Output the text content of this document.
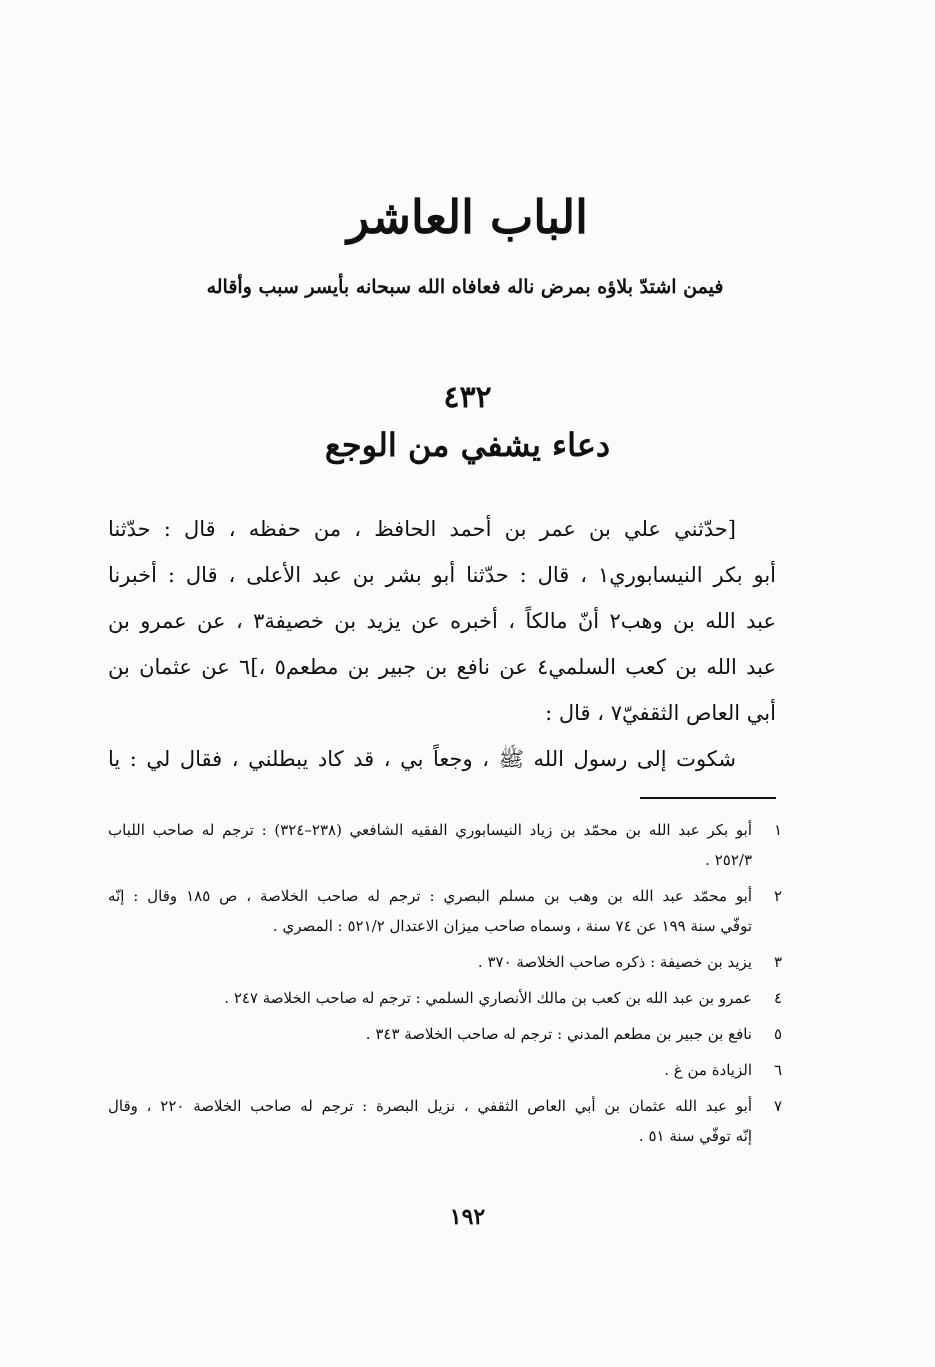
الباب العاشر
فيمن اشتدّ بلاؤه بمرض ناله فعافاه الله سبحانه بأيسر سبب وأقاله
٤٣٢
دعاء يشفي من الوجع
[حدّثني علي بن عمر بن أحمد الحافظ ، من حفظه ، قال : حدّثنا
أبو بكر النيسابوري١ ، قال : حدّثنا أبو بشر بن عبد الأعلى ، قال : أخبرنا
عبد الله بن وهب٢ أنّ مالكاً ، أخبره عن يزيد بن خصيفة٣ ، عن عمرو بن
عبد الله بن كعب السلمي٤ عن نافع بن جبير بن مطعم٥ ،]٦ عن عثمان بن
أبي العاص الثقفيّ٧ ، قال :
شكوت إلى رسول الله ﷺ ، وجعاً بي ، قد كاد يبطلني ، فقال لي : يا
١
أبو بكر عبد الله بن محمّد بن زياد النيسابوري الفقيه الشافعي (٢٣٨–٣٢٤) : ترجم له صاحب اللباب
٢٥٢/٣ .
٢
أبو محمّد عبد الله بن وهب بن مسلم البصري : ترجم له صاحب الخلاصة ، ص ١٨٥ وقال : إنّه
توفّي سنة ١٩٩ عن ٧٤ سنة ، وسماه صاحب ميزان الاعتدال ٥٢١/٢ : المصري .
٣
يزيد بن خصيفة : ذكره صاحب الخلاصة ٣٧٠ .
٤
عمرو بن عبد الله بن كعب بن مالك الأنصاري السلمي : ترجم له صاحب الخلاصة ٢٤٧ .
٥
نافع بن جبير بن مطعم المدني : ترجم له صاحب الخلاصة ٣٤٣ .
٦
الزيادة من غ .
٧
أبو عبد الله عثمان بن أبي العاص الثقفي ، نزيل البصرة : ترجم له صاحب الخلاصة ٢٢٠ ، وقال
إنّه توفّي سنة ٥١ .
١٩٢
